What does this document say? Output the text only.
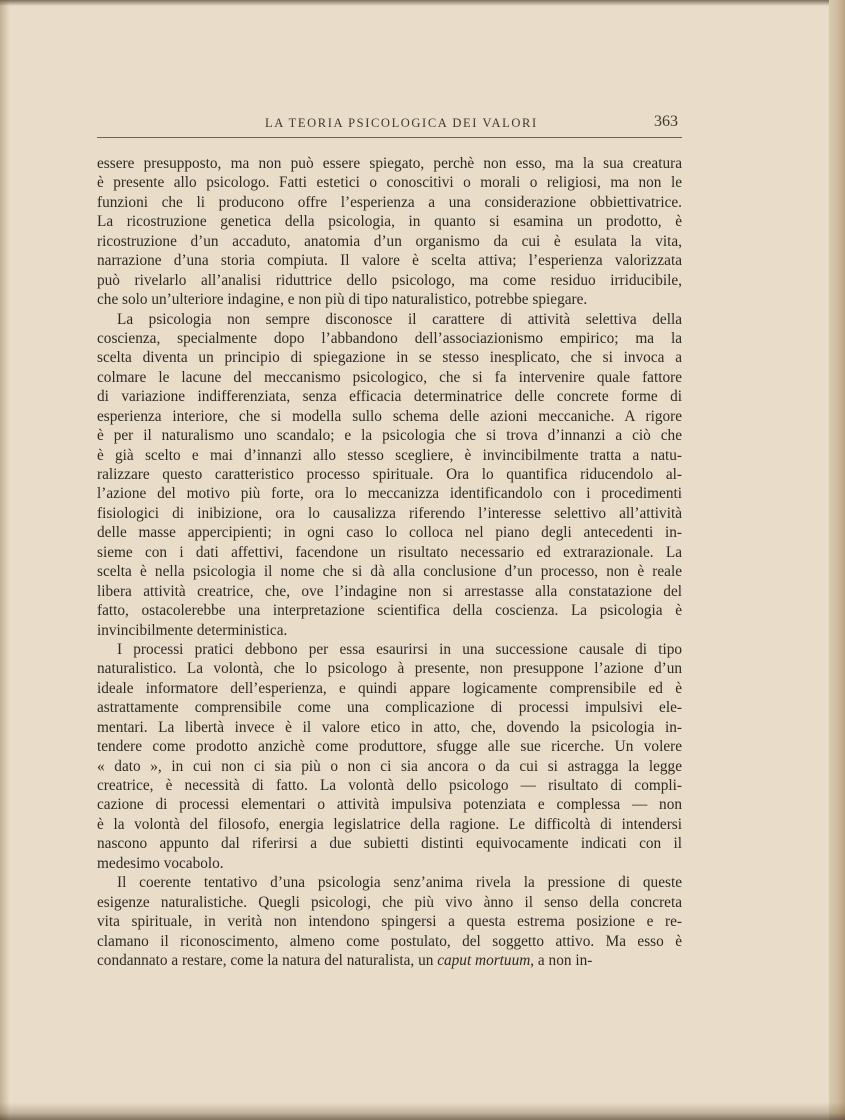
LA TEORIA PSICOLOGICA DEI VALORI	363
essere presupposto, ma non può essere spiegato, perchè non esso, ma la sua creatura
è presente allo psicologo. Fatti estetici o conoscitivi o morali o religiosi, ma non le
funzioni che li producono offre l’esperienza a una considerazione obbiettivatrice.
La ricostruzione genetica della psicologia, in quanto si esamina un prodotto, è
ricostruzione d’un accaduto, anatomia d’un organismo da cui è esulata la vita,
narrazione d’una storia compiuta. Il valore è scelta attiva; l’esperienza valorizzata
può rivelarlo all’analisi riduttrice dello psicologo, ma come residuo irriducibile,
che solo un’ulteriore indagine, e non più di tipo naturalistico, potrebbe spiegare.
La psicologia non sempre disconosce il carattere di attività selettiva della
coscienza, specialmente dopo l’abbandono dell’associazionismo empirico; ma la
scelta diventa un principio di spiegazione in se stesso inesplicato, che si invoca a
colmare le lacune del meccanismo psicologico, che si fa intervenire quale fattore
di variazione indifferenziata, senza efficacia determinatrice delle concrete forme di
esperienza interiore, che si modella sullo schema delle azioni meccaniche. A rigore
è per il naturalismo uno scandalo; e la psicologia che si trova d’innanzi a ciò che
è già scelto e mai d’innanzi allo stesso scegliere, è invincibilmente tratta a natu-
ralizzare questo caratteristico processo spirituale. Ora lo quantifica riducendolo al-
l’azione del motivo più forte, ora lo meccanizza identificandolo con i procedimenti
fisiologici di inibizione, ora lo causalizza riferendo l’interesse selettivo all’attività
delle masse appercipienti; in ogni caso lo colloca nel piano degli antecedenti in-
sieme con i dati affettivi, facendone un risultato necessario ed extrarazionale. La
scelta è nella psicologia il nome che si dà alla conclusione d’un processo, non è reale
libera attività creatrice, che, ove l’indagine non si arrestasse alla constatazione del
fatto, ostacolerebbe una interpretazione scientifica della coscienza. La psicologia è
invincibilmente deterministica.
I processi pratici debbono per essa esaurirsi in una successione causale di tipo
naturalistico. La volontà, che lo psicologo à presente, non presuppone l’azione d’un
ideale informatore dell’esperienza, e quindi appare logicamente comprensibile ed è
astrattamente comprensibile come una complicazione di processi impulsivi ele-
mentari. La libertà invece è il valore etico in atto, che, dovendo la psicologia in-
tendere come prodotto anzichè come produttore, sfugge alle sue ricerche. Un volere
« dato », in cui non ci sia più o non ci sia ancora o da cui si astragga la legge
creatrice, è necessità di fatto. La volontà dello psicologo — risultato di compli-
cazione di processi elementari o attività impulsiva potenziata e complessa — non
è la volontà del filosofo, energia legislatrice della ragione. Le difficoltà di intendersi
nascono appunto dal riferirsi a due subietti distinti equivocamente indicati con il
medesimo vocabolo.
Il coerente tentativo d’una psicologia senz’anima rivela la pressione di queste
esigenze naturalistiche. Quegli psicologi, che più vivo ànno il senso della concreta
vita spirituale, in verità non intendono spingersi a questa estrema posizione e re-
clamano il riconoscimento, almeno come postulato, del soggetto attivo. Ma esso è
condannato a restare, come la natura del naturalista, un caput mortuum, a non in-
